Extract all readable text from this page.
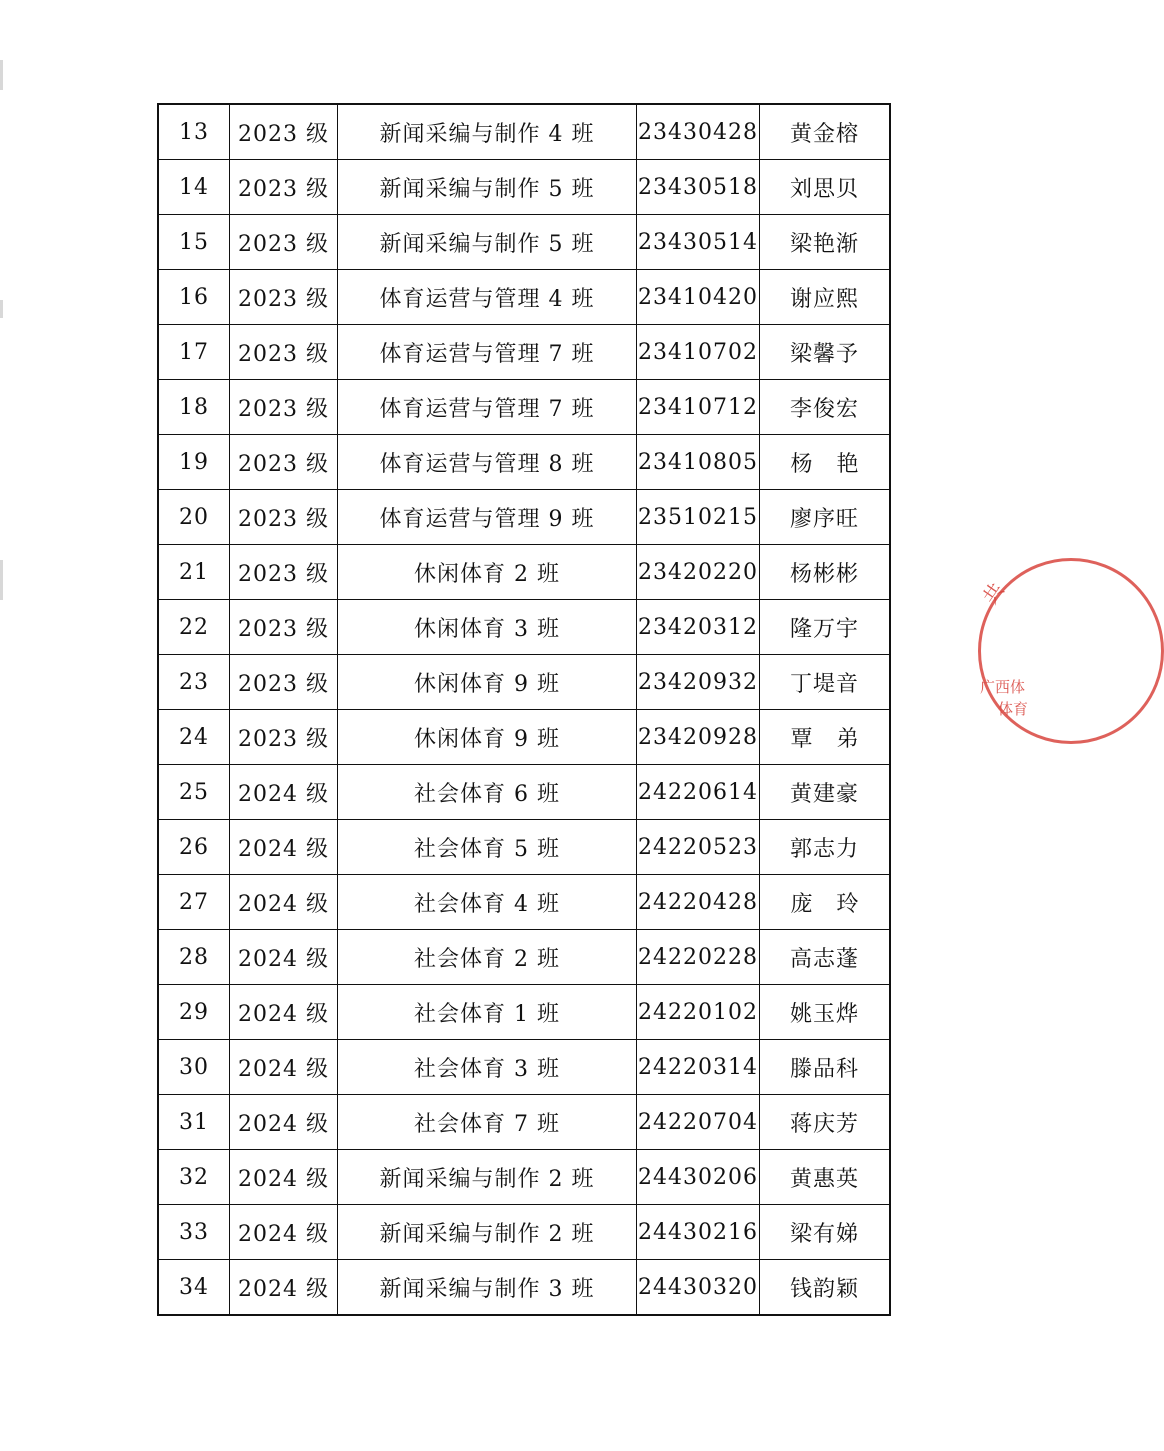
13	2023 级	新闻采编与制作 4 班	23430428	黄金榕
14	2023 级	新闻采编与制作 5 班	23430518	刘思贝
15	2023 级	新闻采编与制作 5 班	23430514	梁艳渐
16	2023 级	体育运营与管理 4 班	23410420	谢应熙
17	2023 级	体育运营与管理 7 班	23410702	梁馨予
18	2023 级	体育运营与管理 7 班	23410712	李俊宏
19	2023 级	体育运营与管理 8 班	23410805	杨艳
20	2023 级	体育运营与管理 9 班	23510215	廖序旺
21	2023 级	休闲体育 2 班	23420220	杨彬彬
22	2023 级	休闲体育 3 班	23420312	隆万宇
23	2023 级	休闲体育 9 班	23420932	丁堤音
24	2023 级	休闲体育 9 班	23420928	覃弟
25	2024 级	社会体育 6 班	24220614	黄建豪
26	2024 级	社会体育 5 班	24220523	郭志力
27	2024 级	社会体育 4 班	24220428	庞玲
28	2024 级	社会体育 2 班	24220228	高志蓬
29	2024 级	社会体育 1 班	24220102	姚玉烨
30	2024 级	社会体育 3 班	24220314	滕品科
31	2024 级	社会体育 7 班	24220704	蒋庆芳
32	2024 级	新闻采编与制作 2 班	24430206	黄惠英
33	2024 级	新闻采编与制作 2 班	24430216	梁有娣
34	2024 级	新闻采编与制作 3 班	24430320	钱韵颖
共
广西体
体育
